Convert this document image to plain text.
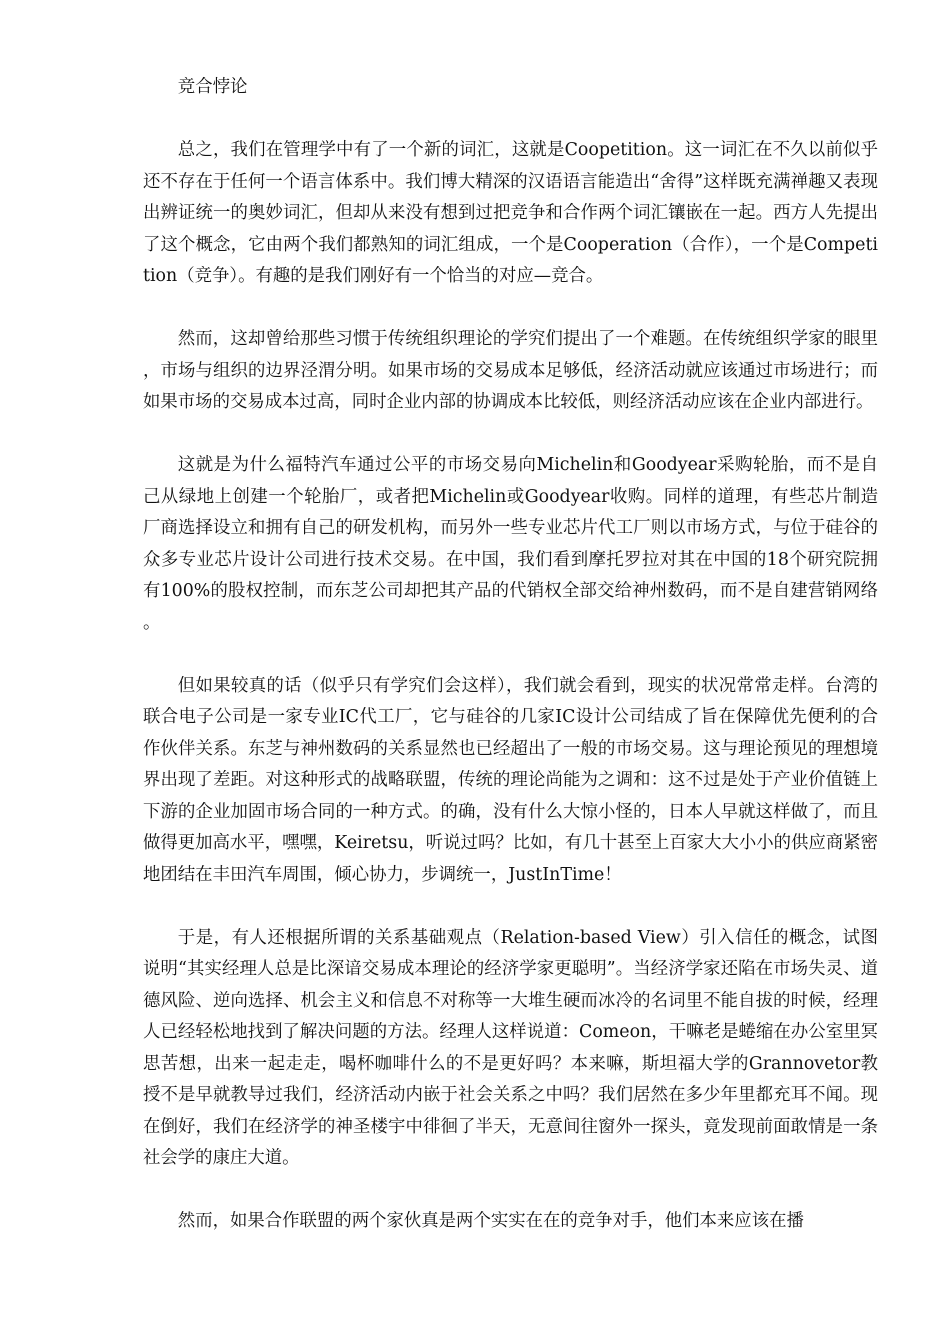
竞合悖论

总之，我们在管理学中有了一个新的词汇，这就是Coopetition。这一词汇在不久以前似乎还不存在于任何一个语言体系中。我们博大精深的汉语语言能造出“舍得”这样既充满禅趣又表现出辨证统一的奥妙词汇，但却从来没有想到过把竞争和合作两个词汇镶嵌在一起。西方人先提出了这个概念，它由两个我们都熟知的词汇组成，一个是Cooperation（合作），一个是Competition（竞争）。有趣的是我们刚好有一个恰当的对应—竞合。

然而，这却曾给那些习惯于传统组织理论的学究们提出了一个难题。在传统组织学家的眼里，市场与组织的边界泾渭分明。如果市场的交易成本足够低，经济活动就应该通过市场进行；而如果市场的交易成本过高，同时企业内部的协调成本比较低，则经济活动应该在企业内部进行。

这就是为什么福特汽车通过公平的市场交易向Michelin和Goodyear采购轮胎，而不是自己从绿地上创建一个轮胎厂，或者把Michelin或Goodyear收购。同样的道理，有些芯片制造厂商选择设立和拥有自己的研发机构，而另外一些专业芯片代工厂则以市场方式，与位于硅谷的众多专业芯片设计公司进行技术交易。在中国，我们看到摩托罗拉对其在中国的18个研究院拥有100%的股权控制，而东芝公司却把其产品的代销权全部交给神州数码，而不是自建营销网络。

但如果较真的话（似乎只有学究们会这样），我们就会看到，现实的状况常常走样。台湾的联合电子公司是一家专业IC代工厂，它与硅谷的几家IC设计公司结成了旨在保障优先便利的合作伙伴关系。东芝与神州数码的关系显然也已经超出了一般的市场交易。这与理论预见的理想境界出现了差距。对这种形式的战略联盟，传统的理论尚能为之调和：这不过是处于产业价值链上下游的企业加固市场合同的一种方式。的确，没有什么大惊小怪的，日本人早就这样做了，而且做得更加高水平，嘿嘿，Keiretsu，听说过吗？比如，有几十甚至上百家大大小小的供应商紧密地团结在丰田汽车周围，倾心协力，步调统一，JustInTime！

于是，有人还根据所谓的关系基础观点（Relation-based View）引入信任的概念，试图说明“其实经理人总是比深谙交易成本理论的经济学家更聪明”。当经济学家还陷在市场失灵、道德风险、逆向选择、机会主义和信息不对称等一大堆生硬而冰冷的名词里不能自拔的时候，经理人已经轻松地找到了解决问题的方法。经理人这样说道：Comeon，干嘛老是蜷缩在办公室里冥思苦想，出来一起走走，喝杯咖啡什么的不是更好吗？本来嘛，斯坦福大学的Grannovetor教授不是早就教导过我们，经济活动内嵌于社会关系之中吗？我们居然在多少年里都充耳不闻。现在倒好，我们在经济学的神圣楼宇中徘徊了半天，无意间往窗外一探头，竟发现前面敢情是一条社会学的康庄大道。

然而，如果合作联盟的两个家伙真是两个实实在在的竞争对手，他们本来应该在播
